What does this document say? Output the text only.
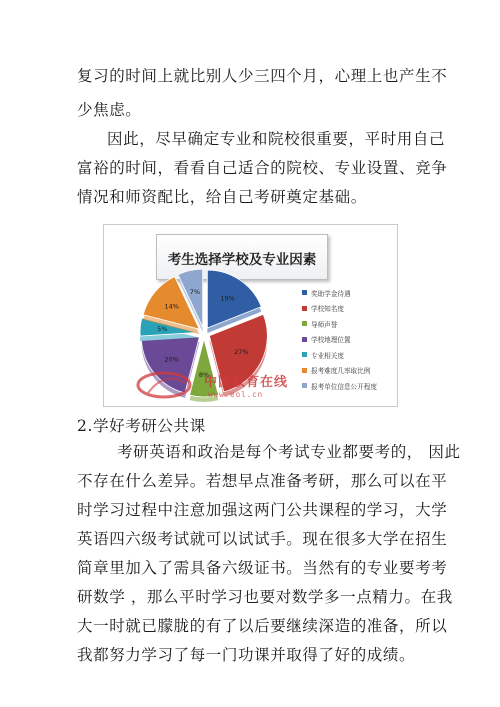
复习的时间上就比别人少三四个月，心理上也产生不
少焦虑。
因此，尽早确定专业和院校很重要，平时用自己
富裕的时间，看看自己适合的院校、专业设置、竞争
情况和师资配比，给自己考研奠定基础。
考生选择学校及专业因素
19%
27%
8%
20%
5%
14%
7%	奖助学金待遇
学校知名度
导师声誉
学校地理位置
专业相关度
报考难度几率取比例
报考单位信息公开程度
中国教育在线
www.eol.cn
2.学好考研公共课
考研英语和政治是每个考试专业都要考的， 因此
不存在什么差异。若想早点准备考研，那么可以在平
时学习过程中注意加强这两门公共课程的学习，大学
英语四六级考试就可以试试手。现在很多大学在招生
简章里加入了需具备六级证书。当然有的专业要考考
研数学 ，那么平时学习也要对数学多一点精力。在我
大一时就已朦胧的有了以后要继续深造的准备，所以
我都努力学习了每一门功课并取得了好的成绩。
